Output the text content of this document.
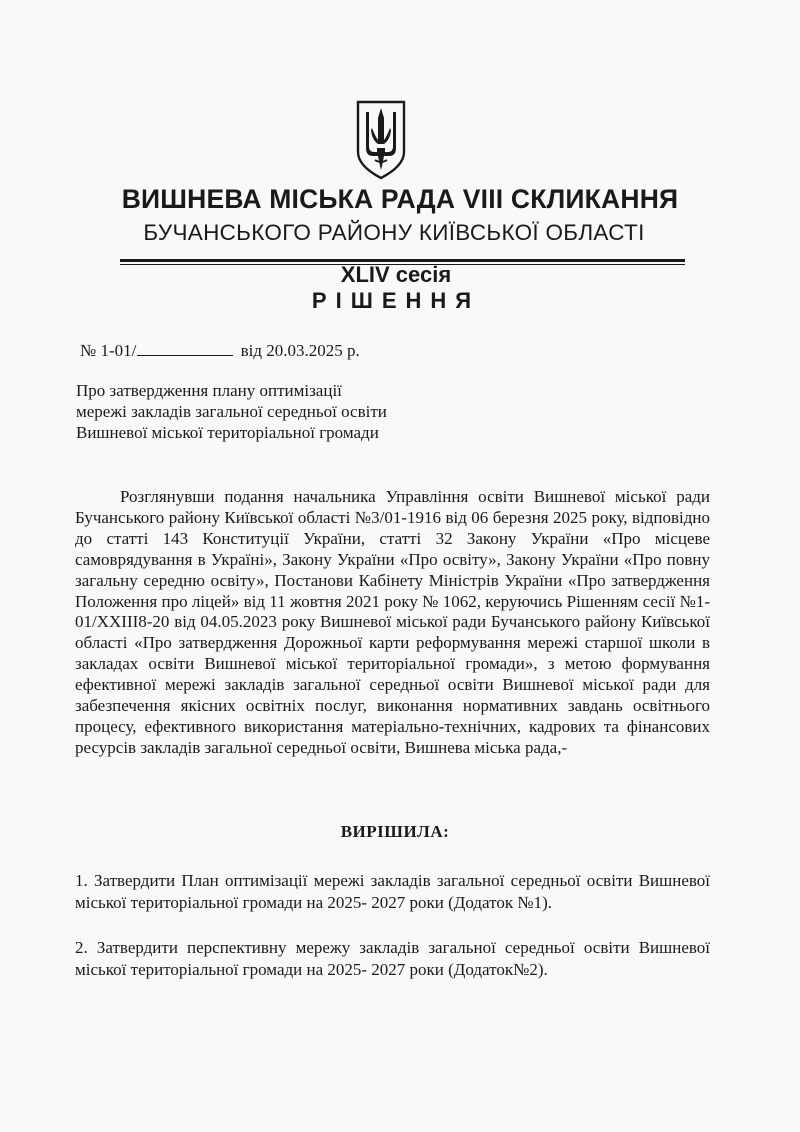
ВИШНЕВА МІСЬКА РАДА VIII СКЛИКАННЯ
БУЧАНСЬКОГО РАЙОНУ КИЇВСЬКОЇ ОБЛАСТІ
XLIV сесія
РІШЕННЯ
№ 1-01/	від 20.03.2025 р.
Про затвердження плану оптимізації
мережі закладів загальної середньої освіти
Вишневої міської територіальної громади
Розглянувши подання начальника Управління освіти Вишневої міської ради Бучанського району Київської області №3/01-1916 від 06 березня 2025 року, відповідно до статті 143 Конституції України, статті 32 Закону України «Про місцеве самоврядування в Україні», Закону України «Про освіту», Закону України «Про повну загальну середню освіту», Постанови Кабінету Міністрів України «Про затвердження Положення про ліцей» від 11 жовтня 2021 року № 1062, керуючись Рішенням сесії №1-01/XXIII8-20 від 04.05.2023 року Вишневої міської ради Бучанського району Київської області «Про затвердження Дорожньої карти реформування мережі старшої школи в закладах освіти Вишневої міської територіальної громади», з метою формування ефективної мережі закладів загальної середньої освіти Вишневої міської ради для забезпечення якісних освітніх послуг, виконання нормативних завдань освітнього процесу, ефективного використання матеріально-технічних, кадрових та фінансових ресурсів закладів загальної середньої освіти, Вишнева міська рада,-
ВИРІШИЛА:
1. Затвердити План оптимізації мережі закладів загальної середньої освіти Вишневої міської територіальної громади на 2025- 2027 роки (Додаток №1).
2. Затвердити перспективну мережу закладів загальної середньої освіти Вишневої міської територіальної громади на 2025- 2027 роки (Додаток№2).
